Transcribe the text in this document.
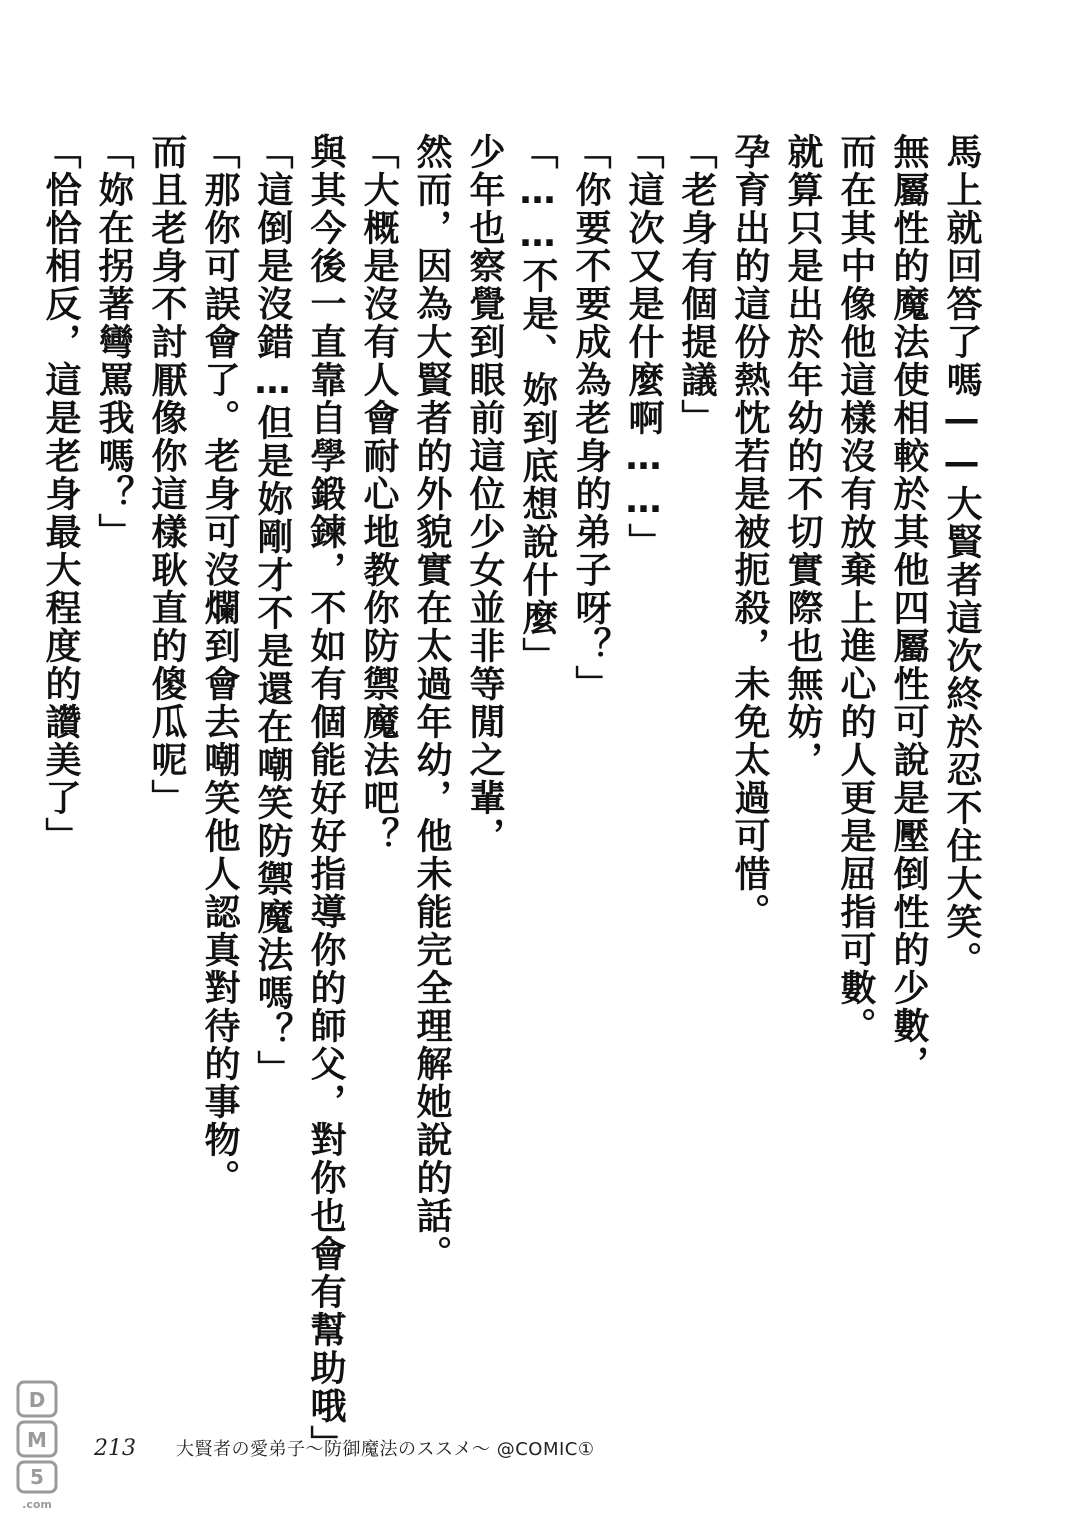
馬上就回答了嗎——大賢者這次終於忍不住大笑。
無屬性的魔法使相較於其他四屬性可說是壓倒性的少數，
而在其中像他這樣沒有放棄上進心的人更是屈指可數。
就算只是出於年幼的不切實際也無妨，
孕育出的這份熱忱若是被扼殺，未免太過可惜。
「老身有個提議」
「這次又是什麼啊……」
「你要不要成為老身的弟子呀？」
「……不是、妳到底想說什麼」
少年也察覺到眼前這位少女並非等閒之輩，
然而，因為大賢者的外貌實在太過年幼，他未能完全理解她說的話。
「大概是沒有人會耐心地教你防禦魔法吧？
與其今後一直靠自學鍛鍊，不如有個能好好指導你的師父，對你也會有幫助哦」
「這倒是沒錯…但是妳剛才不是還在嘲笑防禦魔法嗎？」
「那你可誤會了。老身可沒爛到會去嘲笑他人認真對待的事物。
而且老身不討厭像你這樣耿直的傻瓜呢」
「妳在拐著彎罵我嗎？」
「恰恰相反，這是老身最大程度的讚美了」
213	大賢者の愛弟子〜防御魔法のススメ〜 @COMIC①
D
M
5
.com
